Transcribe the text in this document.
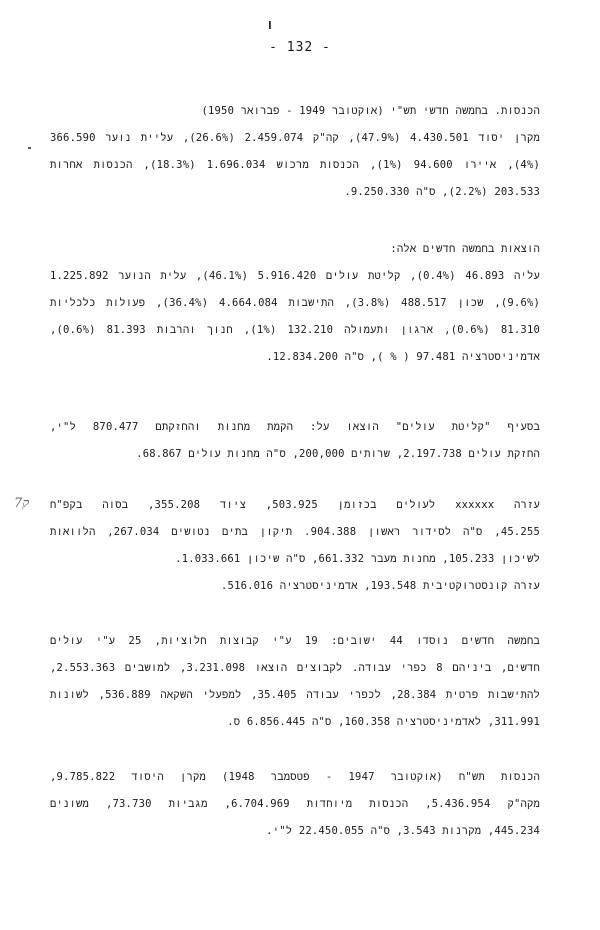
ו
- 132 -
ק7
הכנסות. בחמשה חדשי תש"י (אוקטובר 1949 - פברואר 1950)
מקרן יסוד 4.430.501 (47.9%), קה"ק 2.459.074 (26.6%), עליית נוער 366.590
(4%), איירו 94.600 (1%), הכנסות מרכוש 1.696.034 (18.3%), הכנסות אחרות
203.533 (2.2%), ס"ה 9.250.330.
הוצאות בחמשה חדשים אלה:
עליה 46.893 (0.4%), קליטת עולים 5.916.420 (46.1%), עלית הנוער 1.225.892
(9.6%), שכון 488.517 (3.8%), התישבות 4.664.084 (36.4%), פעולות כלכליות
81.310 (0.6%), ארגון ותעמולה 132.210 (1%), חנוך והרבות 81.393 (0.6%),
אדמיניסטרציה 97.481 ( % ), ס"ה 12.834.200.
בסעיף "קליטת עולים" הוצאו על: הקמת מחנות והחזקתם 870.477 ל"י,
החזקת עולים 2.197.738, שרותים 200,000, ס"ה מחנות עולים 68.867.
עזרה xxxxxx לעולים בכזומן 503.925, ציוד 355.208, בסוה בקפ"ח
45.255, ס"ה לסידור ראשון 904.388. תיקון בתים נטושים 267.034, הלוואות
לשיכון 105.233, מחנות מעבר 661.332, ס"ה שיכון 1.033.661.
עזרה קונסטרוקטיבית 193.548, אדמיניסטרציה 516.016.
בחמשה חדשים נוסדו 44 ישובים: 19 ע"י קבוצות חלוציות, 25 ע"י עולים
חדשים, ביניהם 8 כפרי עבודה. לקבוצים הוצאו 3.231.098, למושבים 2.553.363,
להתישבות פרטית 28.384, לכפרי עבודה 35.405, למפעלי השקאה 536.889, לשונות
311.991, לאדמיניסטרציה 160.358, ס"ה 6.856.445 ס.
הכנסות תש"ח (אוקטובר 1947 - פטסמבר 1948) מקרן היסוד 9.785.822,
מקה"ק 5.436.954, הכנסות מיוחדות 6.704.969, מגביות 73.730, משונים
445.234, מקרנות 3.543, ס"ה 22.450.055 ל"י.
